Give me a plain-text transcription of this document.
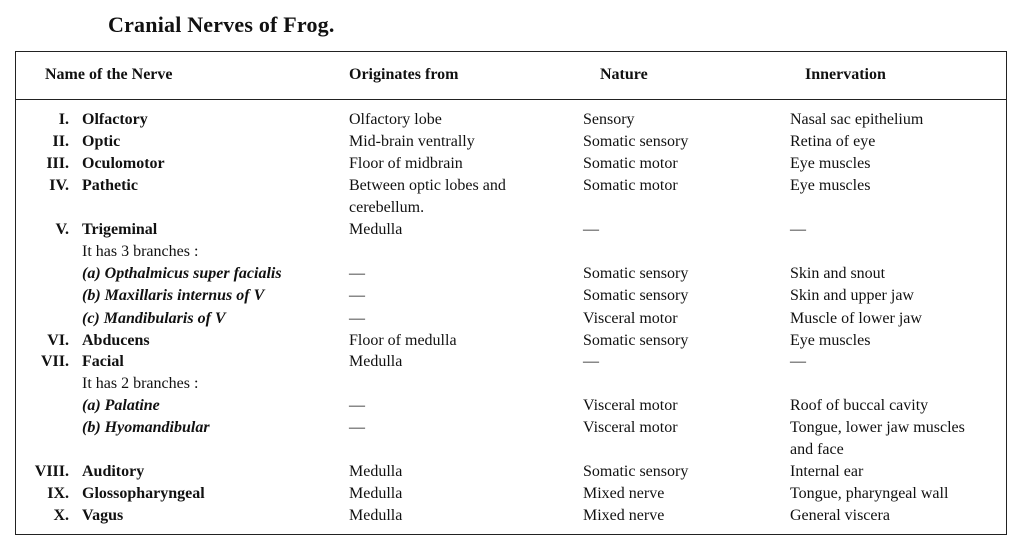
Cranial Nerves of Frog.
Name of the Nerve	Originates from	Nature	Innervation
I. Olfactory	Olfactory lobe	Sensory	Nasal sac epithelium
II. Optic	Mid-brain ventrally	Somatic sensory	Retina of eye
III. Oculomotor	Floor of midbrain	Somatic motor	Eye muscles
IV. Pathetic	Between optic lobes and	Somatic motor	Eye muscles
cerebellum.
V. Trigeminal	Medulla	—	—
It has 3 branches :
(a) Opthalmicus super facialis	—	Somatic sensory	Skin and snout
(b) Maxillaris internus of V	—	Somatic sensory	Skin and upper jaw
(c) Mandibularis of V	—	Visceral motor	Muscle of lower jaw
VI. Abducens	Floor of medulla	Somatic sensory	Eye muscles
VII. Facial	Medulla	—	—
It has 2 branches :
(a) Palatine	—	Visceral motor	Roof of buccal cavity
(b) Hyomandibular	—	Visceral motor	Tongue, lower jaw muscles
and face
VIII. Auditory	Medulla	Somatic sensory	Internal ear
IX. Glossopharyngeal	Medulla	Mixed nerve	Tongue, pharyngeal wall
X. Vagus	Medulla	Mixed nerve	General viscera
